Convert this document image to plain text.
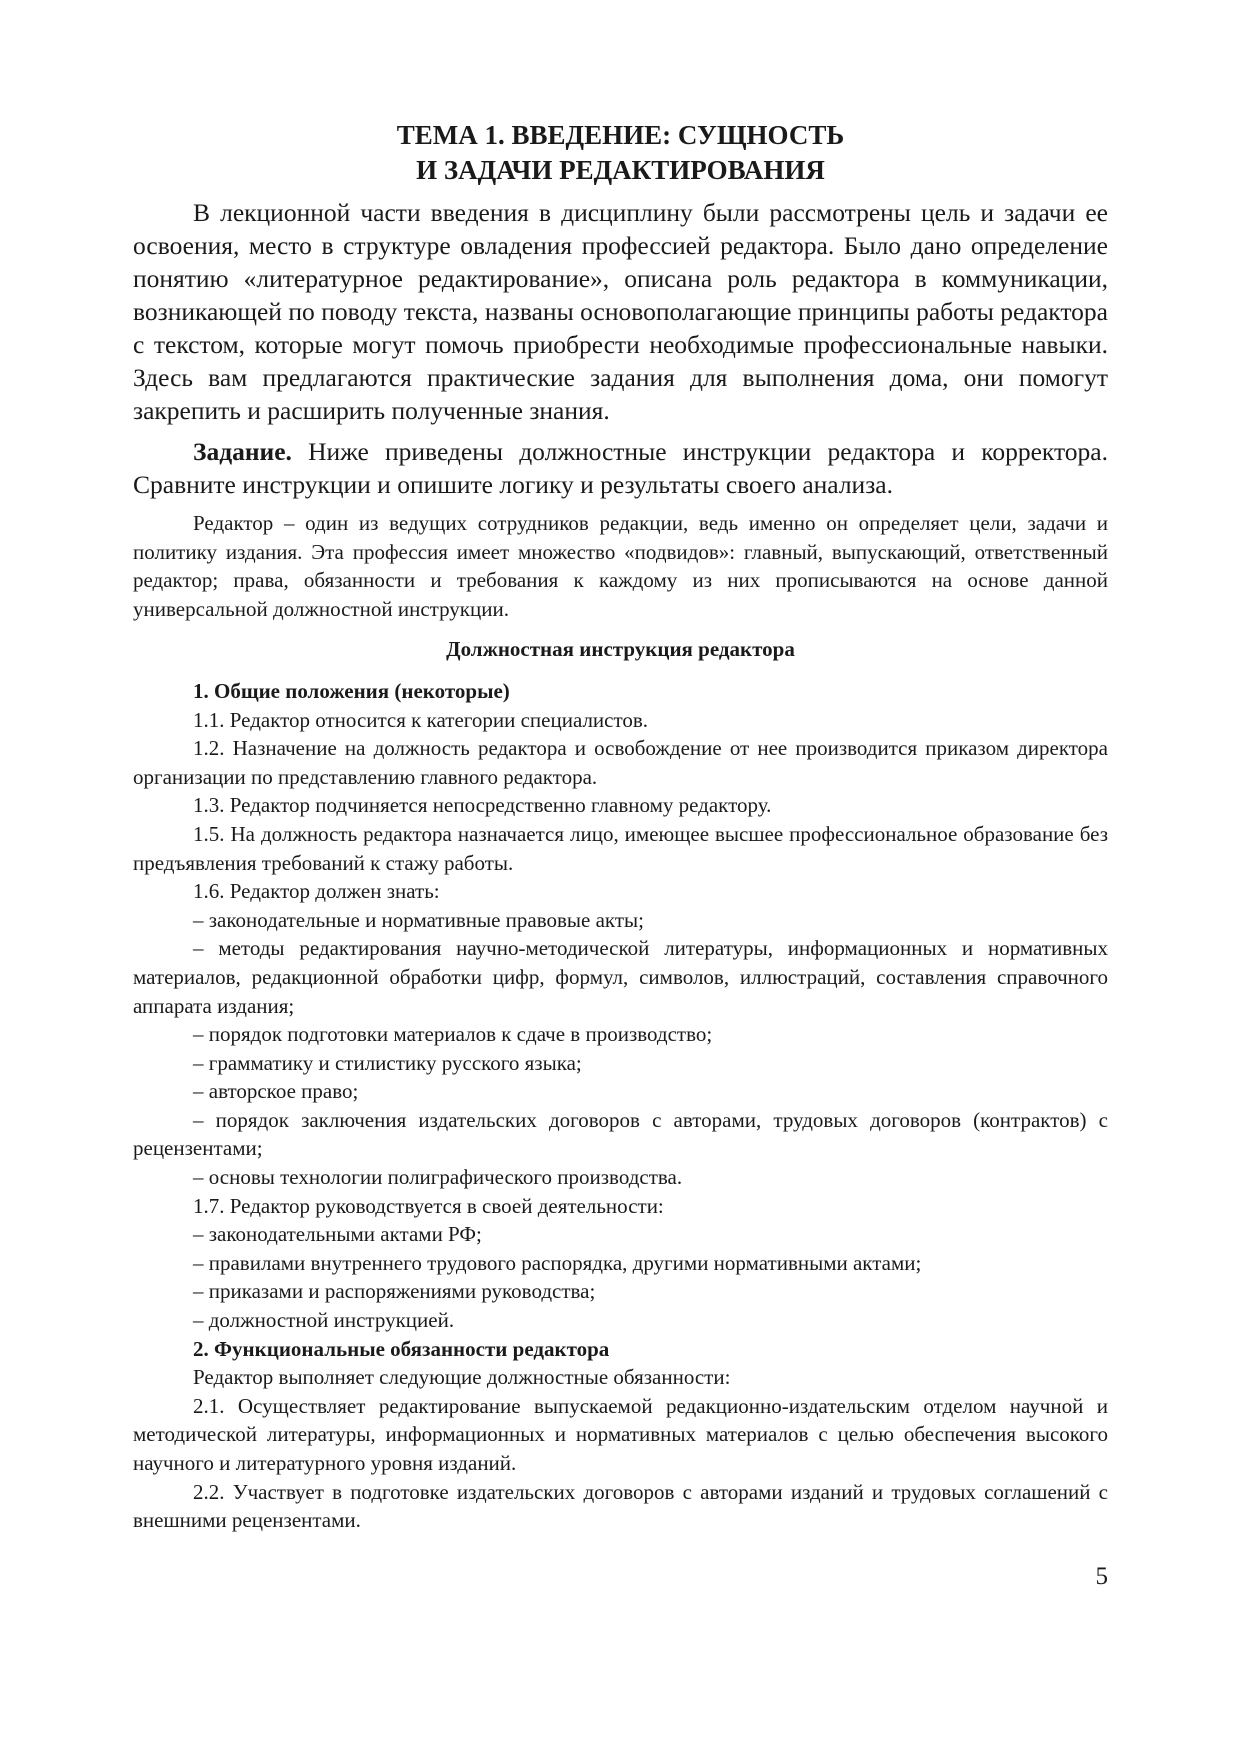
ТЕМА 1. ВВЕДЕНИЕ: СУЩНОСТЬ
И ЗАДАЧИ РЕДАКТИРОВАНИЯ

В лекционной части введения в дисциплину были рассмотрены цель и задачи ее освоения, место в структуре овладения профессией редактора. Было дано определение понятию «литературное редактирование», описана роль редактора в коммуникации, возникающей по поводу текста, названы основополагающие принципы работы редактора с текстом, которые могут помочь приобрести необходимые профессиональные навыки. Здесь вам предлагаются практические задания для выполнения дома, они помогут закрепить и расширить полученные знания.

Задание. Ниже приведены должностные инструкции редактора и корректора. Сравните инструкции и опишите логику и результаты своего анализа.

Редактор – один из ведущих сотрудников редакции, ведь именно он определяет цели, задачи и политику издания. Эта профессия имеет множество «подвидов»: главный, выпускающий, ответственный редактор; права, обязанности и требования к каждому из них прописываются на основе данной универсальной должностной инструкции.

Должностная инструкция редактора

1. Общие положения (некоторые)

1.1. Редактор относится к категории специалистов.

1.2. Назначение на должность редактора и освобождение от нее производится приказом директора организации по представлению главного редактора.

1.3. Редактор подчиняется непосредственно главному редактору.

1.5. На должность редактора назначается лицо, имеющее высшее профессиональное образование без предъявления требований к стажу работы.

1.6. Редактор должен знать:

– законодательные и нормативные правовые акты;

– методы редактирования научно-методической литературы, информационных и нормативных материалов, редакционной обработки цифр, формул, символов, иллюстраций, составления справочного аппарата издания;

– порядок подготовки материалов к сдаче в производство;

– грамматику и стилистику русского языка;

– авторское право;

– порядок заключения издательских договоров с авторами, трудовых договоров (контрактов) с рецензентами;

– основы технологии полиграфического производства.

1.7. Редактор руководствуется в своей деятельности:

– законодательными актами РФ;

– правилами внутреннего трудового распорядка, другими нормативными актами;

– приказами и распоряжениями руководства;

– должностной инструкцией.

2. Функциональные обязанности редактора

Редактор выполняет следующие должностные обязанности:

2.1. Осуществляет редактирование выпускаемой редакционно-издательским отделом научной и методической литературы, информационных и нормативных материалов с целью обеспечения высокого научного и литературного уровня изданий.

2.2. Участвует в подготовке издательских договоров с авторами изданий и трудовых соглашений с внешними рецензентами.

5
